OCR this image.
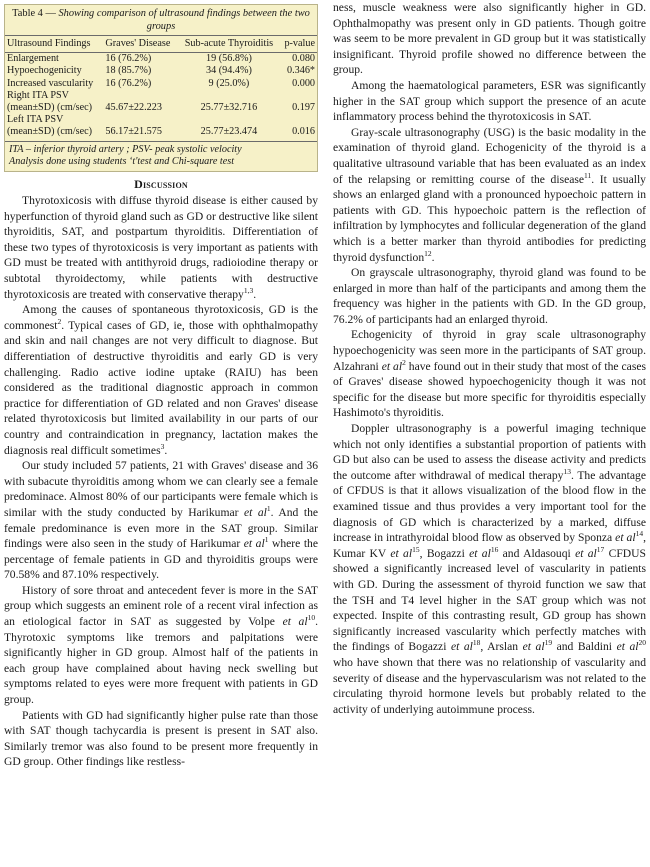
Table 4 — Showing comparison of ultrasound findings between the two groups
Ultrasound Findings	Graves' Disease	Sub-acute Thyroiditis	p-value
Enlargement	16 (76.2%)	19 (56.8%)	0.080
Hypoechogenicity	18 (85.7%)	34 (94.4%)	0.346*
Increased vascularity	16 (76.2%)	9 (25.0%)	0.000
Right ITA PSV			
(mean±SD) (cm/sec)	45.67±22.223	25.77±32.716	0.197
Left ITA PSV			
(mean±SD) (cm/sec)	56.17±21.575	25.77±23.474	0.016
ITA – inferior thyroid artery ; PSV- peak systolic velocity
Analysis done using students ‘t'test and Chi-square test
Discussion

Thyrotoxicosis with diffuse thyroid disease is either caused by hyperfunction of thyroid gland such as GD or destructive like silent thyroiditis, SAT, and postpartum thyroiditis. Differentiation of these two types of thyrotoxicosis is very important as patients with GD must be treated with antithyroid drugs, radioiodine therapy or subtotal thyroidectomy, while patients with destructive thyrotoxicosis are treated with conservative therapy$^{1,3}$.

Among the causes of spontaneous thyrotoxicosis, GD is the commonest$^2$. Typical cases of GD, ie, those with ophthalmopathy and skin and nail changes are not very difficult to diagnose. But differentiation of destructive thyroiditis and early GD is very challenging. Radio active iodine uptake (RAIU) has been considered as the traditional diagnostic approach in common practice for differentiation of GD related and non Graves' disease related thyrotoxicosis but limited availability in our parts of our country and contraindication in pregnancy, lactation makes the diagnosis real difficult sometimes$^3$.

Our study included 57 patients, 21 with Graves' disease and 36 with subacute thyroiditis among whom we can clearly see a female predominace. Almost 80% of our participants were female which is similar with the study conducted by Harikumar et $al^1$. And the female predominance is even more in the SAT group. Similar findings were also seen in the study of Harikumar et $al^1$ where the percentage of female patients in GD and thyroiditis groups were 70.58% and 87.10% respectively.

History of sore throat and antecedent fever is more in the SAT group which suggests an eminent role of a recent viral infection as an etiological factor in SAT as suggested by Volpe et $al^{10}$. Thyrotoxic symptoms like tremors and palpitations were significantly higher in GD group. Almost half of the patients in each group have complained about having neck swelling but symptoms related to eyes were more frequent with patients in GD group.

Patients with GD had significantly higher pulse rate than those with SAT though tachycardia is present is present in SAT also. Similarly tremor was also found to be present more frequently in GD group. Other findings like restless-

ness, muscle weakness were also significantly higher in GD. Ophthalmopathy was present only in GD patients. Though goitre was seem to be more prevalent in GD group but it was statistically insignificant. Thyroid profile showed no difference between the group.

Among the haematological parameters, ESR was significantly higher in the SAT group which support the presence of an acute inflammatory process behind the thyrotoxicosis in SAT.

Gray-scale ultrasonography (USG) is the basic modality in the examination of thyroid gland. Echogenicity of the thyroid is a qualitative ultrasound variable that has been evaluated as an index of the relapsing or remitting course of the disease$^{11}$. It usually shows an enlarged gland with a pronounced hypoechoic pattern in patients with GD. This hypoechoic pattern is the reflection of infiltration by lymphocytes and follicular degeneration of the gland which is a better marker than thyroid antibodies for predicting thyroid dysfunction$^{12}$.

On grayscale ultrasonography, thyroid gland was found to be enlarged in more than half of the participants and among them the frequency was higher in the patients with GD. In the GD group, 76.2% of participants had an enlarged thyroid.

Echogenicity of thyroid in gray scale ultrasonography hypoechogenicity was seen more in the participants of SAT group. Alzahrani et $al^2$ have found out in their study that most of the cases of Graves' disease showed hypoechogenicity though it was not specific for the disease but more specific for thyroiditis especially Hashimoto's thyroiditis.

Doppler ultrasonography is a powerful imaging technique which not only identifies a substantial proportion of patients with GD but also can be used to assess the disease activity and predicts the outcome after withdrawal of medical therapy$^{13}$. The advantage of CFDUS is that it allows visualization of the blood flow in the examined tissue and thus provides a very important tool for the diagnosis of GD which is characterized by a marked, diffuse increase in intrathyroidal blood flow as observed by Sponza et $al^{14}$, Kumar KV et $al^{15}$, Bogazzi et $al^{16}$ and Aldasouqi et $al^{17}$ CFDUS showed a significantly increased level of vascularity in patients with GD. During the assessment of thyroid function we saw that the TSH and T4 level higher in the SAT group which was not expected. Inspite of this contrasting result, GD group has shown significantly increased vascularity which perfectly matches with the findings of Bogazzi et $al^{18}$, Arslan et $al^{19}$ and Baldini et $al^{20}$ who have shown that there was no relationship of vascularity and severity of disease and the hypervascularism was not related to the circulating thyroid hormone levels but probably related to the activity of underlying autoimmune process.
